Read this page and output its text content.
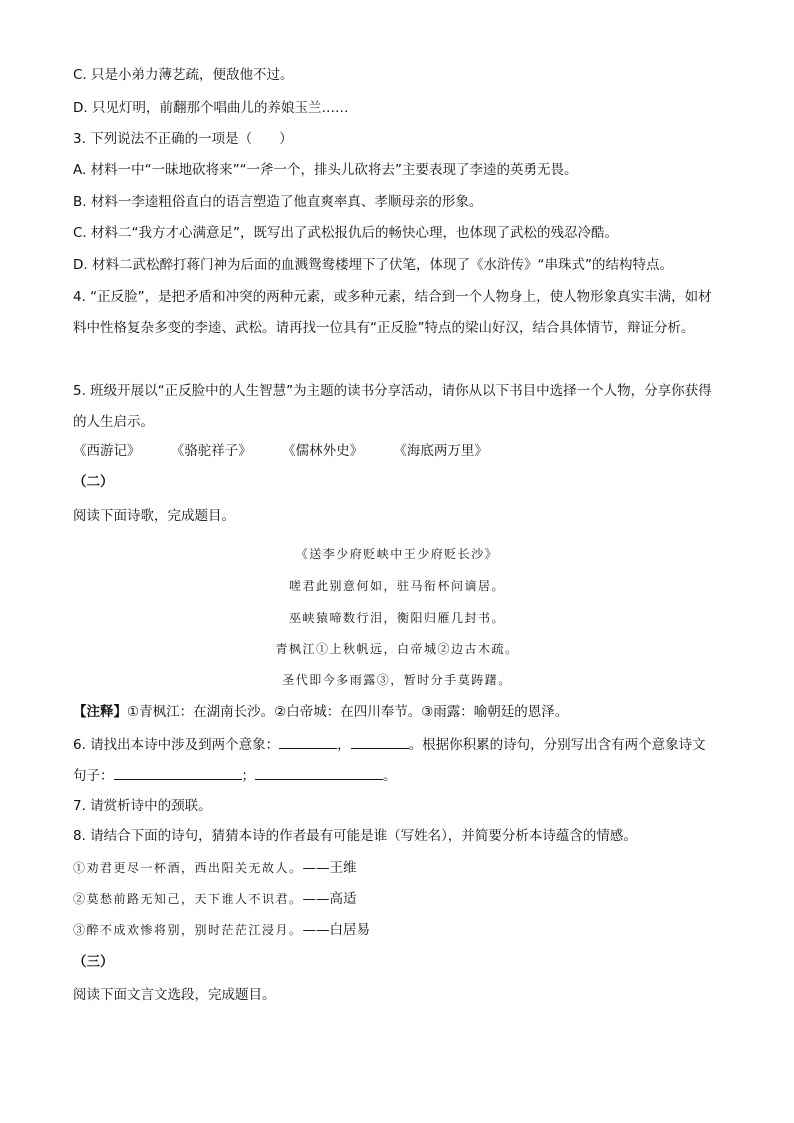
C. 只是小弟力薄艺疏，便敌他不过。
D. 只见灯明，前翻那个唱曲儿的养娘玉兰……
3. 下列说法不正确的一项是（　　）
A. 材料一中“一昧地砍将来”“一斧一个，排头儿砍将去”主要表现了李逵的英勇无畏。
B. 材料一李逵粗俗直白的语言塑造了他直爽率真、孝顺母亲的形象。
C. 材料二“我方才心满意足”，既写出了武松报仇后的畅快心理，也体现了武松的残忍冷酷。
D. 材料二武松醉打蒋门神为后面的血溅鸳鸯楼埋下了伏笔，体现了《水浒传》“串珠式”的结构特点。
4. “正反脸”，是把矛盾和冲突的两种元素，或多种元素，结合到一个人物身上，使人物形象真实丰满，如材料中性格复杂多变的李逵、武松。请再找一位具有“正反脸”特点的梁山好汉，结合具体情节，辩证分析。
5. 班级开展以“正反脸中的人生智慧”为主题的读书分享活动，请你从以下书目中选择一个人物，分享你获得的人生启示。
《西游记》 《骆驼祥子》 《儒林外史》 《海底两万里》
（二）
阅读下面诗歌，完成题目。
《送李少府贬峡中王少府贬长沙》
嗟君此别意何如，驻马衔杯问谪居。
巫峡猿啼数行泪，衡阳归雁几封书。
青枫江①上秋帆远，白帝城②边古木疏。
圣代即今多雨露③，暂时分手莫踌躇。
【注释】①青枫江：在湖南长沙。②白帝城：在四川奉节。③雨露：喻朝廷的恩泽。
6. 请找出本诗中涉及到两个意象：	，	。根据你积累的诗句，分别写出含有两个意象诗文
句子：	；	。
7. 请赏析诗中的颈联。
8. 请结合下面的诗句，猜猜本诗的作者最有可能是谁（写姓名），并简要分析本诗蕴含的情感。
①劝君更尽一杯酒，西出阳关无故人。——王维
②莫愁前路无知己，天下谁人不识君。——高适
③醉不成欢惨将别，别时茫茫江浸月。——白居易
（三）
阅读下面文言文选段，完成题目。
